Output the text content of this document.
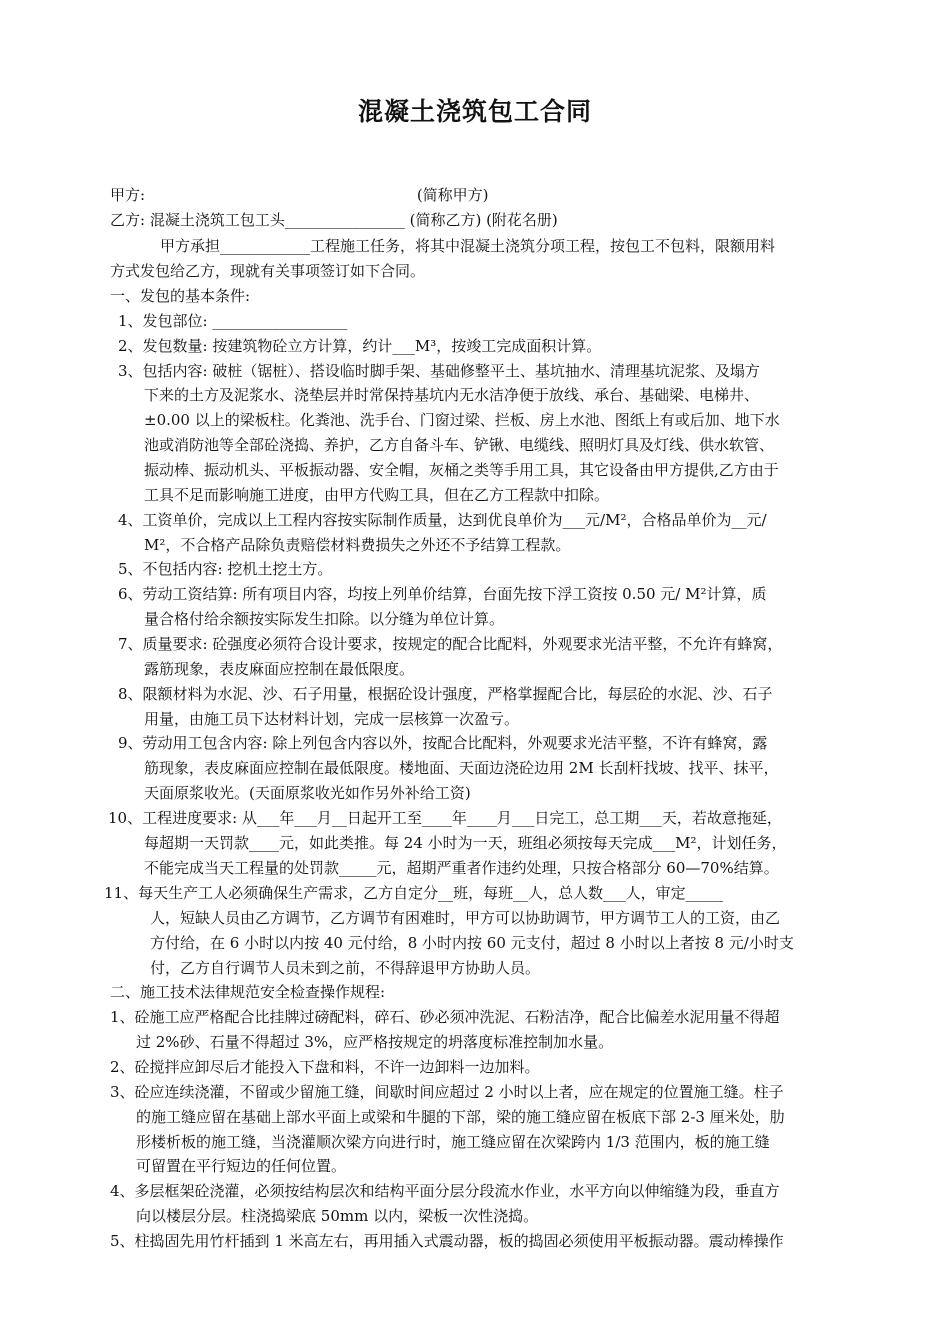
混凝土浇筑包工合同
甲方:                                                         (简称甲方)
乙方: 混凝土浇筑工包工头________________ (简称乙方) (附花名册)
甲方承担____________工程施工任务，将其中混凝土浇筑分项工程，按包工不包料，限额用料
方式发包给乙方，现就有关事项签订如下合同。
一、发包的基本条件:
1、发包部位: __________________
2、发包数量: 按建筑物砼立方计算，约计___M³，按竣工完成面积计算。
3、包括内容: 破桩（锯桩）、搭设临时脚手架、基础修整平土、基坑抽水、清理基坑泥浆、及塌方
下来的土方及泥浆水、浇垫层并时常保持基坑内无水洁净便于放线、承台、基础梁、电梯井、
±0.00 以上的梁板柱。化粪池、洗手台、门窗过梁、拦板、房上水池、图纸上有或后加、地下水
池或消防池等全部砼浇捣、养护，乙方自备斗车、铲锹、电缆线、照明灯具及灯线、供水软管、
振动棒、振动机头、平板振动器、安全帽，灰桶之类等手用工具，其它设备由甲方提供,乙方由于
工具不足而影响施工进度，由甲方代购工具，但在乙方工程款中扣除。
4、工资单价，完成以上工程内容按实际制作质量，达到优良单价为___元/M²，合格品单价为__元/
M²，不合格产品除负责赔偿材料费损失之外还不予结算工程款。
5、不包括内容: 挖机土挖土方。
6、劳动工资结算: 所有项目内容，均按上列单价结算，台面先按下浮工资按 0.50 元/ M²计算，质
量合格付给余额按实际发生扣除。以分缝为单位计算。
7、质量要求: 砼强度必须符合设计要求，按规定的配合比配料，外观要求光洁平整，不允许有蜂窝，
露筋现象，表皮麻面应控制在最低限度。
8、限额材料为水泥、沙、石子用量，根据砼设计强度，严格掌握配合比，每层砼的水泥、沙、石子
用量，由施工员下达材料计划，完成一层核算一次盈亏。
9、劳动用工包含内容: 除上列包含内容以外，按配合比配料，外观要求光洁平整，不许有蜂窝，露
筋现象，表皮麻面应控制在最低限度。楼地面、天面边浇砼边用 2M 长刮杆找坡、找平、抹平，
天面原浆收光。(天面原浆收光如作另外补给工资)
10、工程进度要求: 从___年___月__日起开工至____年____月___日完工，总工期___天，若故意拖延，
每超期一天罚款____元，如此类推。每 24 小时为一天，班组必须按每天完成___M²，计划任务，
不能完成当天工程量的处罚款_____元，超期严重者作违约处理，只按合格部分 60—70%结算。
11、每天生产工人必须确保生产需求，乙方自定分__班，每班__人，总人数___人，审定_____
人，短缺人员由乙方调节，乙方调节有困难时，甲方可以协助调节，甲方调节工人的工资，由乙
方付给，在 6 小时以内按 40 元付给，8 小时内按 60 元支付，超过 8 小时以上者按 8 元/小时支
付，乙方自行调节人员未到之前，不得辞退甲方协助人员。
二、施工技术法律规范安全检查操作规程:
1、砼施工应严格配合比挂牌过磅配料，碎石、砂必须冲洗泥、石粉洁净，配合比偏差水泥用量不得超
过 2%砂、石量不得超过 3%，应严格按规定的坍落度标准控制加水量。
2、砼搅拌应卸尽后才能投入下盘和料，不许一边卸料一边加料。
3、砼应连续浇灌，不留或少留施工缝，间歇时间应超过 2 小时以上者，应在规定的位置施工缝。柱子
的施工缝应留在基础上部水平面上或梁和牛腿的下部，梁的施工缝应留在板底下部 2-3 厘米处，肋
形楼析板的施工缝，当浇灌顺次梁方向进行时，施工缝应留在次梁跨内 1/3 范围内，板的施工缝
可留置在平行短边的任何位置。
4、多层框架砼浇灌，必须按结构层次和结构平面分层分段流水作业，水平方向以伸缩缝为段，垂直方
向以楼层分层。柱浇捣梁底 50mm 以内，梁板一次性浇捣。
5、柱捣固先用竹杆插到 1 米高左右，再用插入式震动器，板的捣固必须使用平板振动器。震动棒操作
